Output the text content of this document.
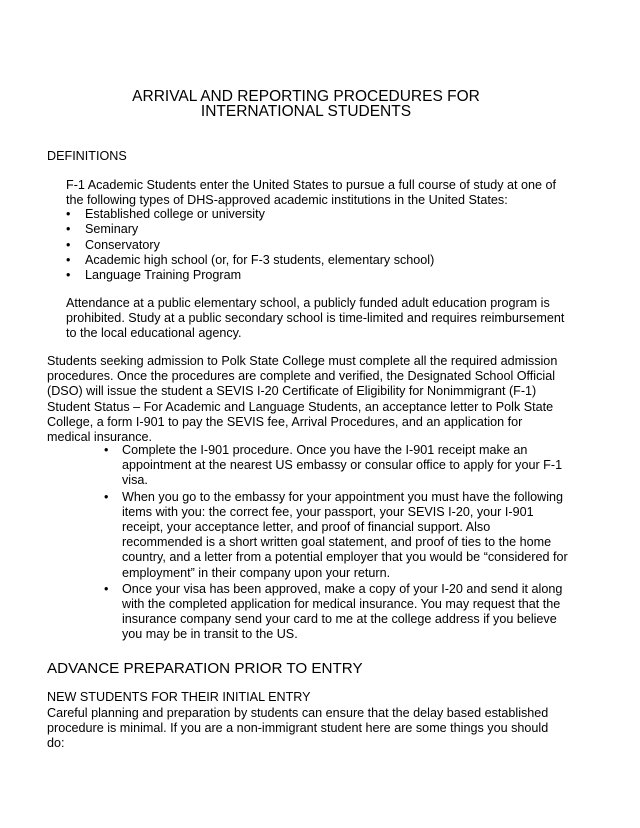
ARRIVAL AND REPORTING PROCEDURES FOR
INTERNATIONAL STUDENTS

DEFINITIONS

F-1 Academic Students enter the United States to pursue a full course of study at one of the following types of DHS-approved academic institutions in the United States:

• Established college or university
• Seminary
• Conservatory
• Academic high school (or, for F-3 students, elementary school)
• Language Training Program

Attendance at a public elementary school, a publicly funded adult education program is prohibited. Study at a public secondary school is time-limited and requires reimbursement to the local educational agency.

Students seeking admission to Polk State College must complete all the required admission procedures. Once the procedures are complete and verified, the Designated School Official (DSO) will issue the student a SEVIS I-20 Certificate of Eligibility for Nonimmigrant (F-1) Student Status – For Academic and Language Students, an acceptance letter to Polk State College, a form I-901 to pay the SEVIS fee, Arrival Procedures, and an application for medical insurance.

• Complete the I-901 procedure. Once you have the I-901 receipt make an appointment at the nearest US embassy or consular office to apply for your F-1 visa.
• When you go to the embassy for your appointment you must have the following items with you: the correct fee, your passport, your SEVIS I-20, your I-901 receipt, your acceptance letter, and proof of financial support. Also recommended is a short written goal statement, and proof of ties to the home country, and a letter from a potential employer that you would be “considered for employment” in their company upon your return.
• Once your visa has been approved, make a copy of your I-20 and send it along with the completed application for medical insurance. You may request that the insurance company send your card to me at the college address if you believe you may be in transit to the US.
ADVANCE PREPARATION PRIOR TO ENTRY

NEW STUDENTS FOR THEIR INITIAL ENTRY

Careful planning and preparation by students can ensure that the delay based established procedure is minimal. If you are a non-immigrant student here are some things you should do:
